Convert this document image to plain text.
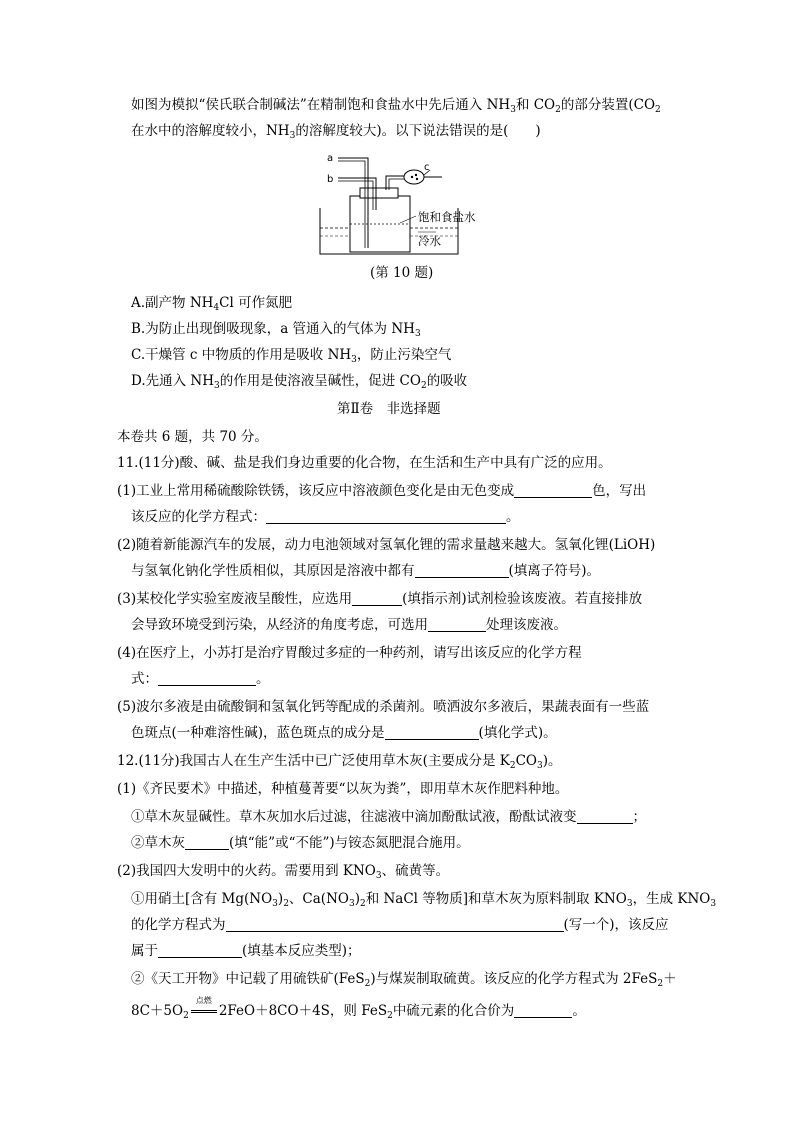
如图为模拟“侯氏联合制碱法”在精制饱和食盐水中先后通入 $NH_3$和 $CO_2$的部分装置($CO_2$
在水中的溶解度较小，$NH_3$的溶解度较大)。以下说法错误的是(　　)
a
b
c
饱和食盐水
冷水
(第 10 题)
A.副产物 $NH_4Cl$ 可作氮肥
B.为防止出现倒吸现象，a 管通入的气体为 $NH_3$
C.干燥管 c 中物质的作用是吸收 $NH_3$，防止污染空气
D.先通入 $NH_3$的作用是使溶液呈碱性，促进 $CO_2$的吸收
第Ⅱ卷　非选择题
本卷共 6 题，共 70 分。
11.(11分)酸、碱、盐是我们身边重要的化合物，在生活和生产中具有广泛的应用。
(1)工业上常用稀硫酸除铁锈，该反应中溶液颜色变化是由无色变成	色，写出
该反应的化学方程式：	。
(2)随着新能源汽车的发展，动力电池领域对氢氧化锂的需求量越来越大。氢氧化锂(LiOH)
与氢氧化钠化学性质相似，其原因是溶液中都有	(填离子符号)。
(3)某校化学实验室废液呈酸性，应选用	(填指示剂)试剂检验该废液。若直接排放
会导致环境受到污染，从经济的角度考虑，可选用	处理该废液。
(4)在医疗上，小苏打是治疗胃酸过多症的一种药剂，请写出该反应的化学方程
式：	。
(5)波尔多液是由硫酸铜和氢氧化钙等配成的杀菌剂。喷洒波尔多液后，果蔬表面有一些蓝
色斑点(一种难溶性碱)，蓝色斑点的成分是	(填化学式)。
12.(11分)我国古人在生产生活中已广泛使用草木灰(主要成分是 $K_2CO_3$)。
(1)《齐民要术》中描述，种植蔓菁要“以灰为粪”，即用草木灰作肥料种地。
①草木灰显碱性。草木灰加水后过滤，往滤液中滴加酚酞试液，酚酞试液变	；
②草木灰	(填“能”或“不能”)与铵态氮肥混合施用。
(2)我国四大发明中的火药。需要用到 $KNO_3$、硫黄等。
①用硝土[含有 $Mg(NO_3)_2$、$Ca(NO_3)_2$和 NaCl 等物质]和草木灰为原料制取 $KNO_3$，生成 $KNO_3$
的化学方程式为	(写一个)，该反应
属于	(填基本反应类型)；
②《天工开物》中记载了用硫铁矿(FeS$_2$)与煤炭制取硫黄。该反应的化学方程式为 2FeS$_2$＋
$8C+5O_2$
点燃
2FeO＋8CO＋4S，则 FeS$_2$中硫元素的化合价为	。
